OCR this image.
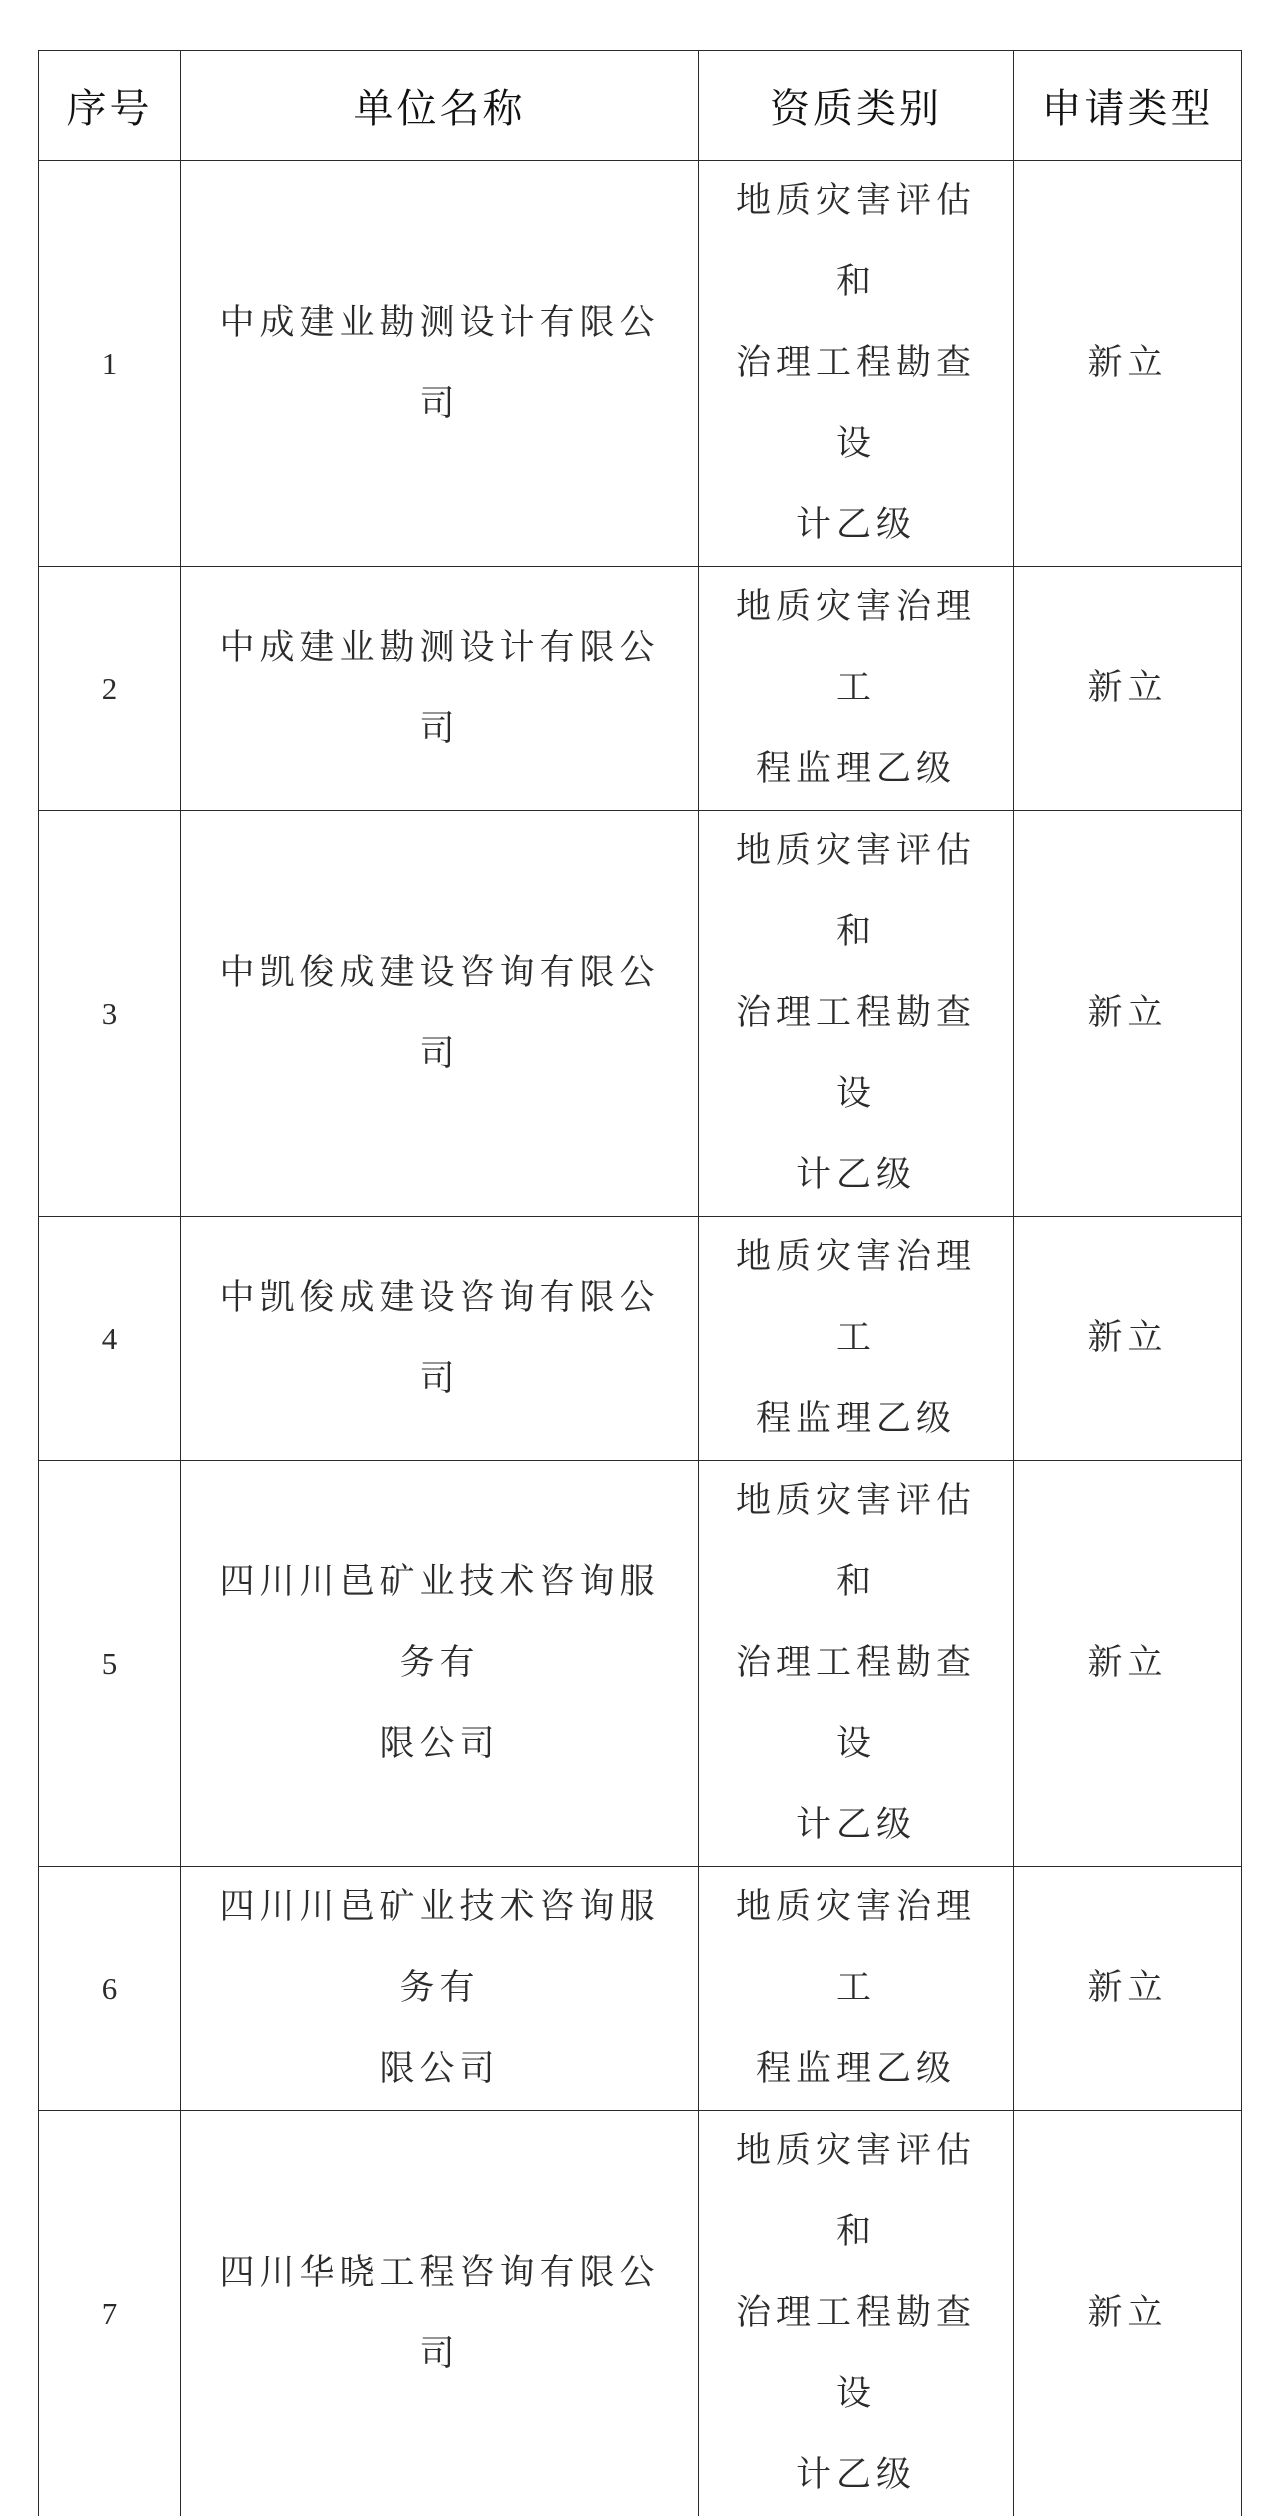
序号	单位名称	资质类别	申请类型
1	中成建业勘测设计有限公司	地质灾害评估和
治理工程勘查设
计乙级	新立
2	中成建业勘测设计有限公司	地质灾害治理工
程监理乙级	新立
3	中凯俊成建设咨询有限公司	地质灾害评估和
治理工程勘查设
计乙级	新立
4	中凯俊成建设咨询有限公司	地质灾害治理工
程监理乙级	新立
5	四川川邑矿业技术咨询服务有
限公司	地质灾害评估和
治理工程勘查设
计乙级	新立
6	四川川邑矿业技术咨询服务有
限公司	地质灾害治理工
程监理乙级	新立
7	四川华晓工程咨询有限公司	地质灾害评估和
治理工程勘查设
计乙级	新立
